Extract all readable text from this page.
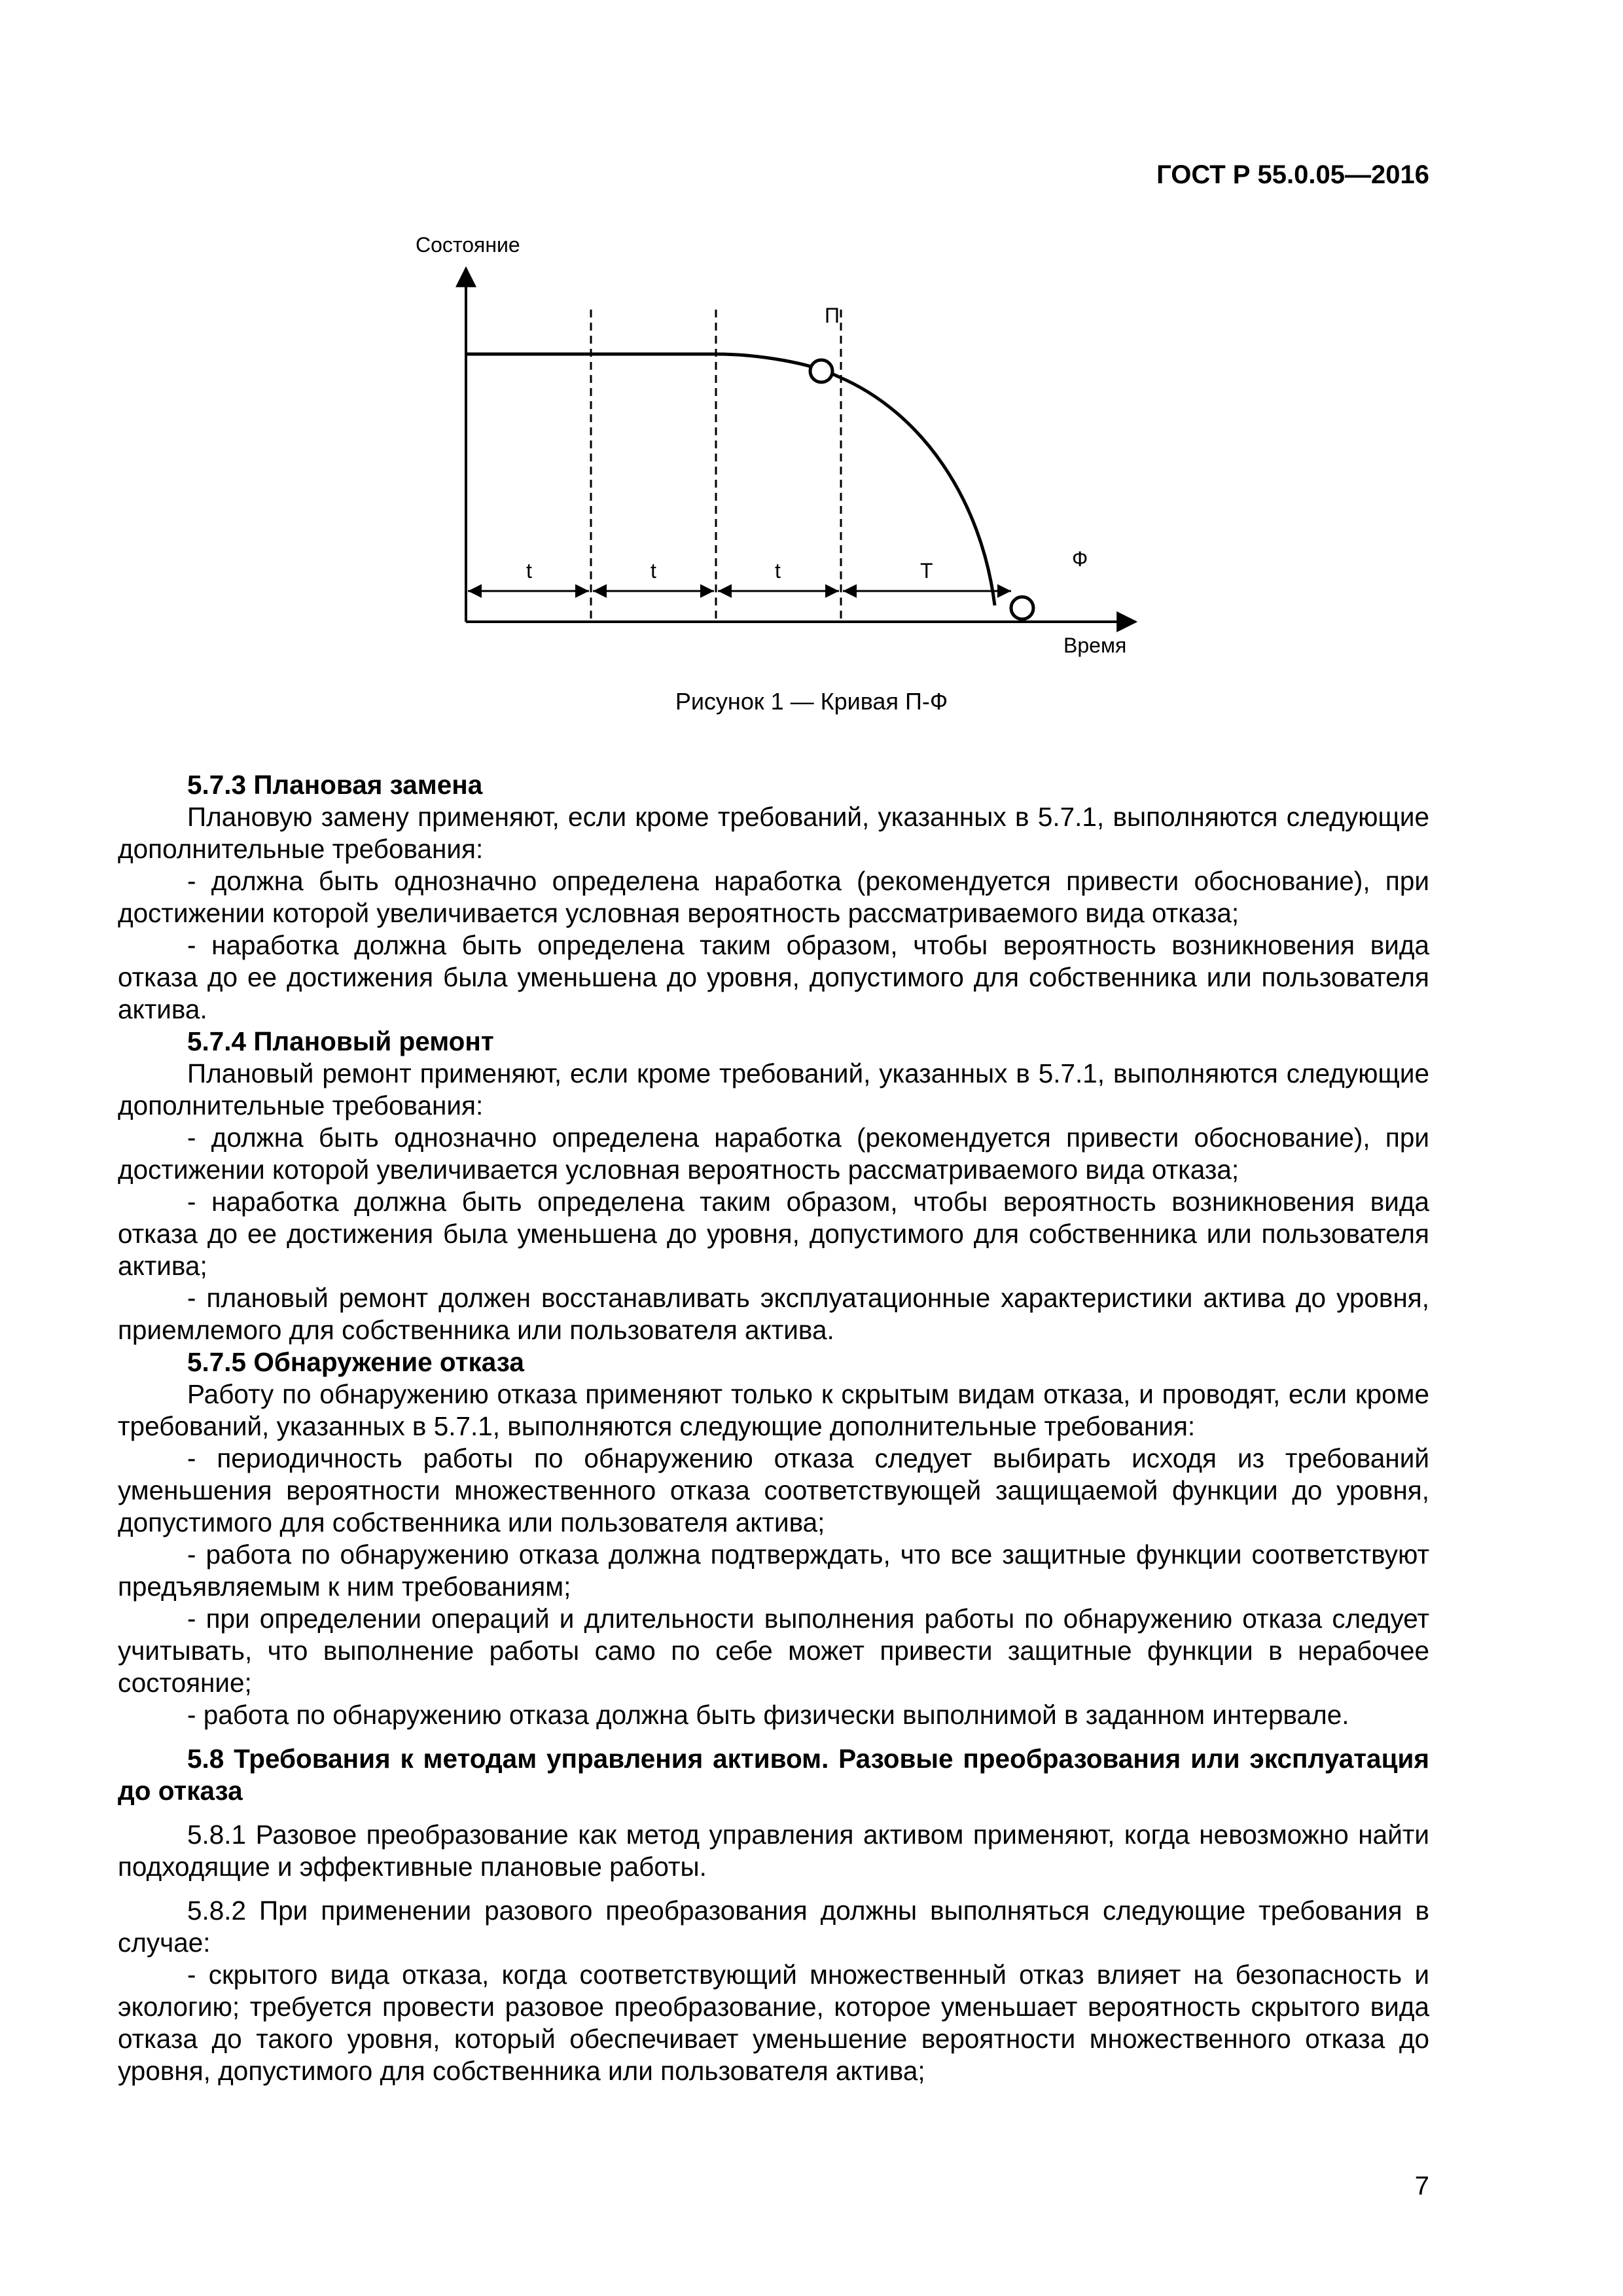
ГОСТ Р 55.0.05—2016
Состояние
Время
П
Ф
t	t	t	T
Рисунок 1 — Кривая П-Ф

5.7.3 Плановая замена

Плановую замену применяют, если кроме требований, указанных в 5.7.1, выполняются следующие дополнительные требования:

- должна быть однозначно определена наработка (рекомендуется привести обоснование), при достижении которой увеличивается условная вероятность рассматриваемого вида отказа;

- наработка должна быть определена таким образом, чтобы вероятность возникновения вида отказа до ее достижения была уменьшена до уровня, допустимого для собственника или пользователя актива.

5.7.4 Плановый ремонт

Плановый ремонт применяют, если кроме требований, указанных в 5.7.1, выполняются следующие дополнительные требования:

- должна быть однозначно определена наработка (рекомендуется привести обоснование), при достижении которой увеличивается условная вероятность рассматриваемого вида отказа;

- наработка должна быть определена таким образом, чтобы вероятность возникновения вида отказа до ее достижения была уменьшена до уровня, допустимого для собственника или пользователя актива;

- плановый ремонт должен восстанавливать эксплуатационные характеристики актива до уровня, приемлемого для собственника или пользователя актива.

5.7.5 Обнаружение отказа

Работу по обнаружению отказа применяют только к скрытым видам отказа, и проводят, если кроме требований, указанных в 5.7.1, выполняются следующие дополнительные требования:

- периодичность работы по обнаружению отказа следует выбирать исходя из требований уменьшения вероятности множественного отказа соответствующей защищаемой функции до уровня, допустимого для собственника или пользователя актива;

- работа по обнаружению отказа должна подтверждать, что все защитные функции соответствуют предъявляемым к ним требованиям;

- при определении операций и длительности выполнения работы по обнаружению отказа следует учитывать, что выполнение работы само по себе может привести защитные функции в нерабочее состояние;

- работа по обнаружению отказа должна быть физически выполнимой в заданном интервале.

5.8 Требования к методам управления активом. Разовые преобразования или эксплуатация до отказа

5.8.1 Разовое преобразование как метод управления активом применяют, когда невозможно найти подходящие и эффективные плановые работы.

5.8.2 При применении разового преобразования должны выполняться следующие требования в случае:

- скрытого вида отказа, когда соответствующий множественный отказ влияет на безопасность и экологию; требуется провести разовое преобразование, которое уменьшает вероятность скрытого вида отказа до такого уровня, который обеспечивает уменьшение вероятности множественного отказа до уровня, допустимого для собственника или пользователя актива;

7
